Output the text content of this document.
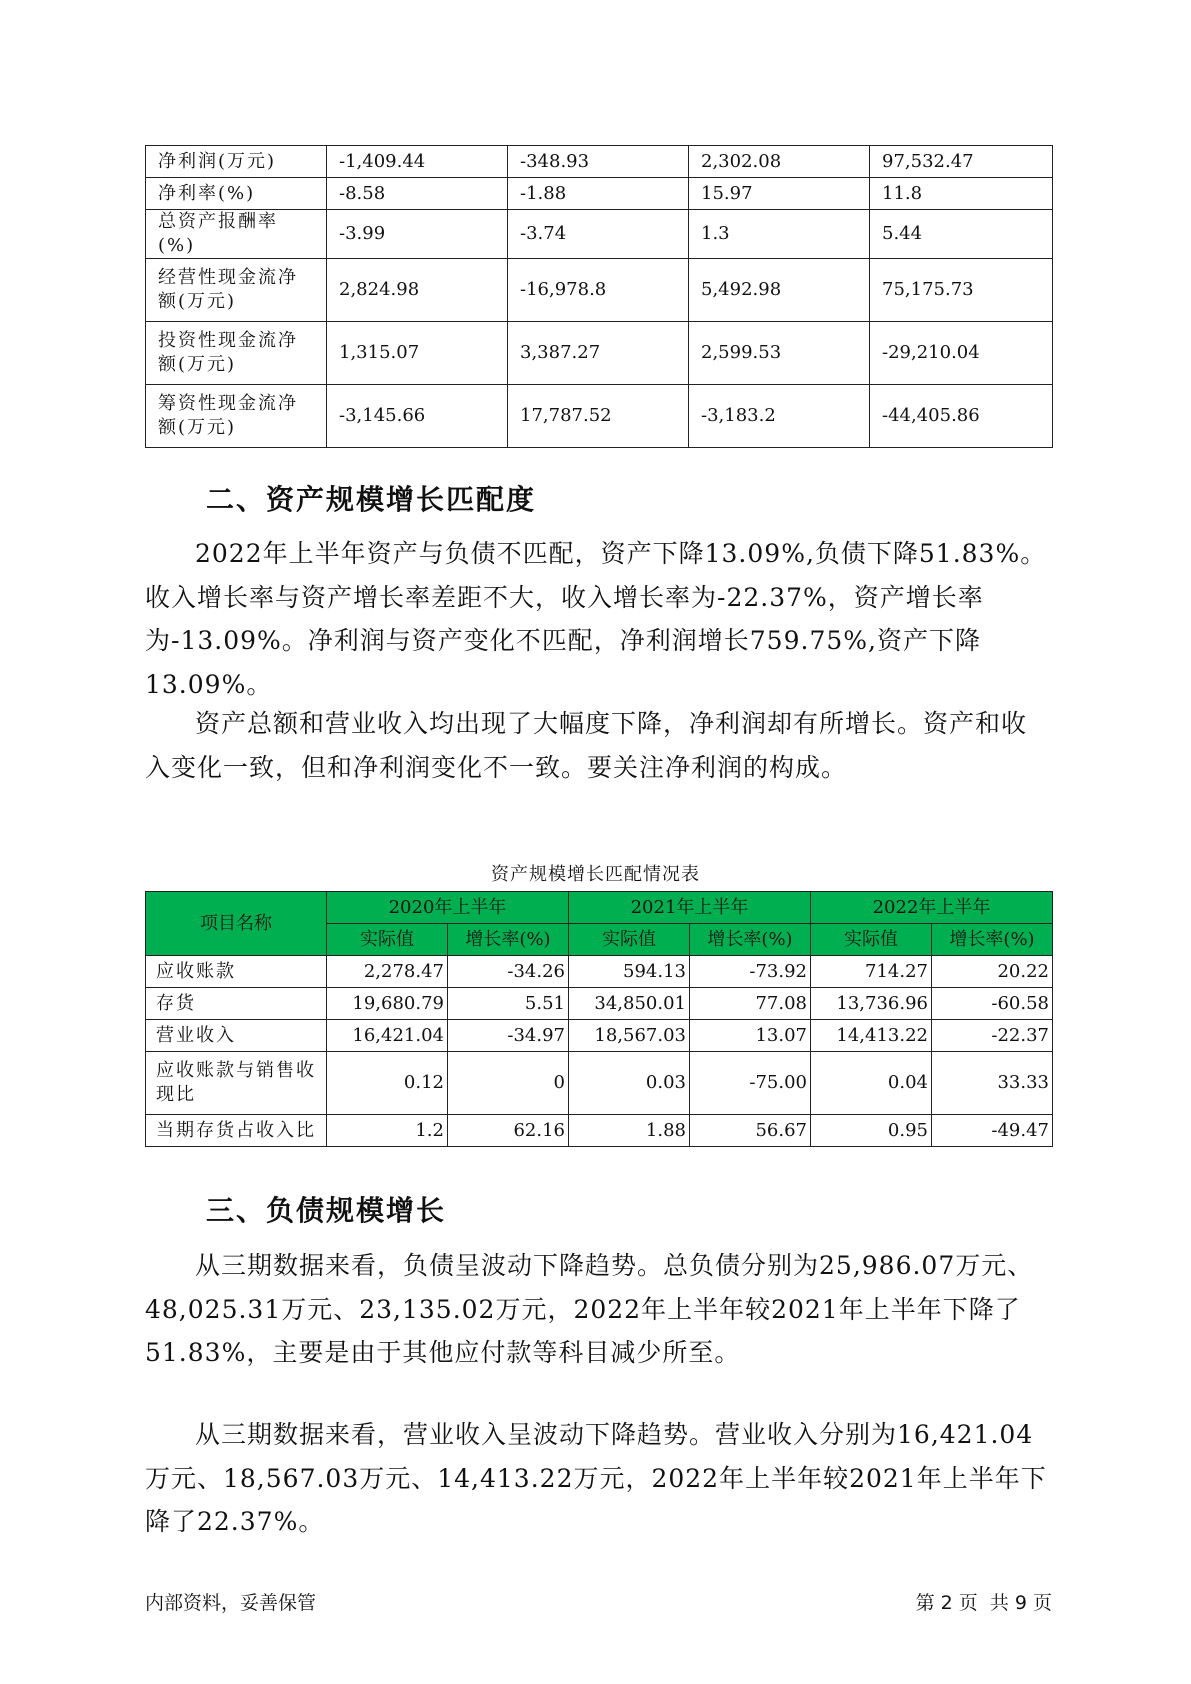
净利润(万元)	-1,409.44	-348.93	2,302.08	97,532.47
净利率(%)	-8.58	-1.88	15.97	11.8
总资产报酬率(%)	-3.99	-3.74	1.3	5.44
经营性现金流净额(万元)	2,824.98	-16,978.8	5,492.98	75,175.73
投资性现金流净额(万元)	1,315.07	3,387.27	2,599.53	-29,210.04
筹资性现金流净额(万元)	-3,145.66	17,787.52	-3,183.2	-44,405.86
二、资产规模增长匹配度

2022年上半年资产与负债不匹配，资产下降13.09%,负债下降51.83%。收入增长率与资产增长率差距不大，收入增长率为-22.37%，资产增长率为-13.09%。净利润与资产变化不匹配，净利润增长759.75%,资产下降13.09%。

资产总额和营业收入均出现了大幅度下降，净利润却有所增长。资产和收入变化一致，但和净利润变化不一致。要关注净利润的构成。

资产规模增长匹配情况表
项目名称	2020年上半年		2021年上半年		2022年上半年	
	实际值	增长率(%)	实际值	增长率(%)	实际值	增长率(%)
应收账款	2,278.47	-34.26	594.13	-73.92	714.27	20.22
存货	19,680.79	5.51	34,850.01	77.08	13,736.96	-60.58
营业收入	16,421.04	-34.97	18,567.03	13.07	14,413.22	-22.37
应收账款与销售收现比	0.12	0	0.03	-75.00	0.04	33.33
当期存货占收入比	1.2	62.16	1.88	56.67	0.95	-49.47
三、负债规模增长

从三期数据来看，负债呈波动下降趋势。总负债分别为25,986.07万元、48,025.31万元、23,135.02万元，2022年上半年较2021年上半年下降了51.83%，主要是由于其他应付款等科目减少所至。

从三期数据来看，营业收入呈波动下降趋势。营业收入分别为16,421.04万元、18,567.03万元、14,413.22万元，2022年上半年较2021年上半年下降了22.37%。

内部资料，妥善保管	第 2 页  共 9 页
